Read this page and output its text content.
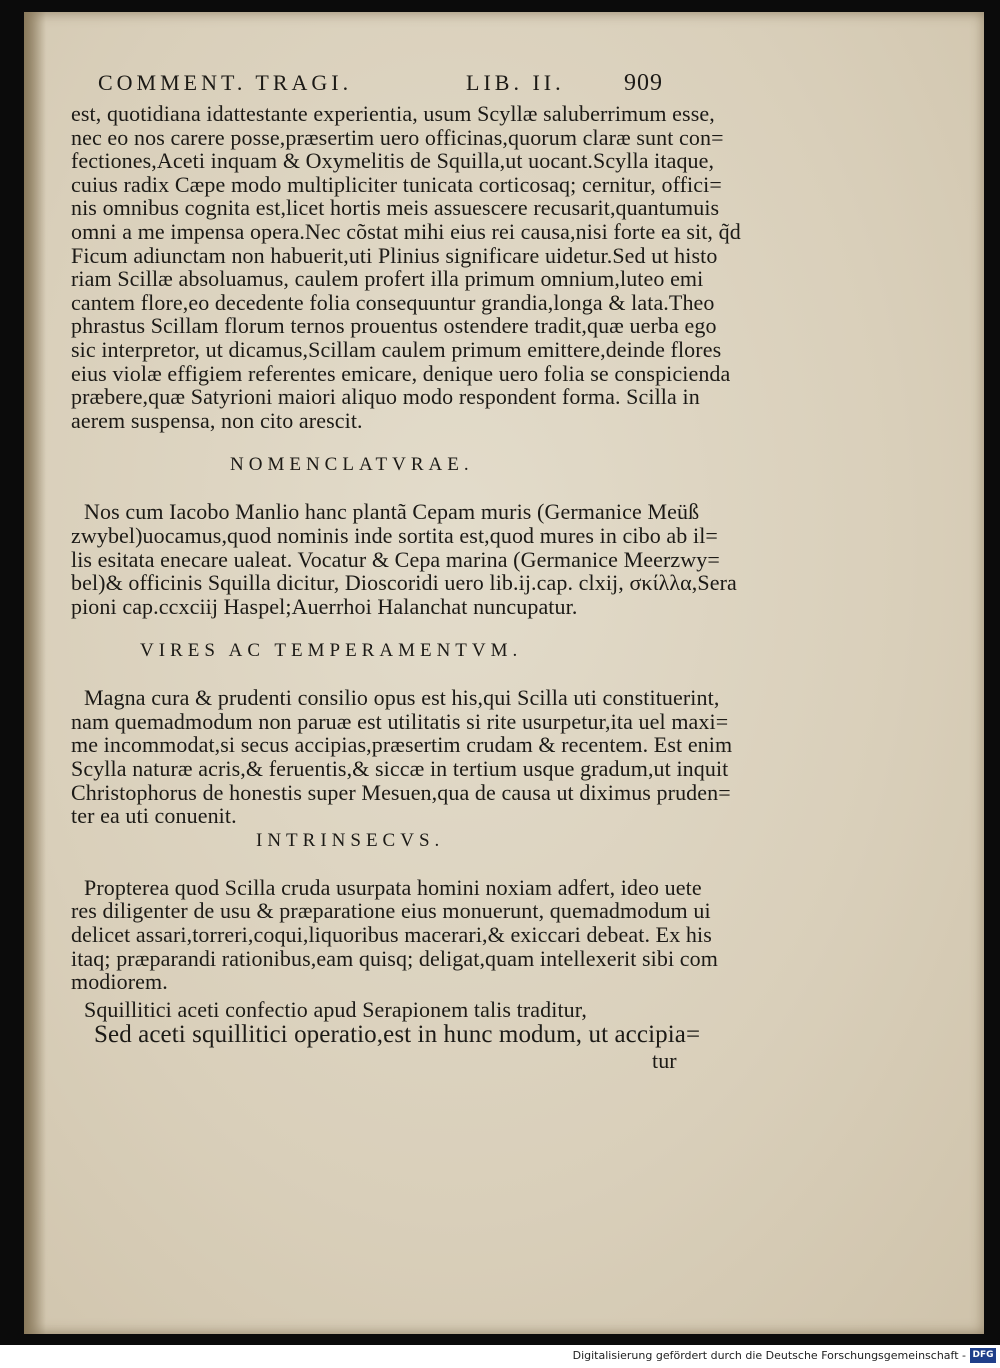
COMMENT. TRAGI.	LIB. II. 909
est, quotidiana idattestante experientia, usum Scyllæ saluberrimum esse,
nec eo nos carere posse,præsertim uero officinas,quorum claræ sunt con=
fectiones,Aceti inquam & Oxymelitis de Squilla,ut uocant.Scylla itaque,
cuius radix Cæpe modo multipliciter tunicata corticosaq; cernitur, offici=
nis omnibus cognita est,licet hortis meis assuescere recusarit,quantumuis
omni a me impensa opera.Nec cõstat mihi eius rei causa,nisi forte ea sit, q̃d
Ficum adiunctam non habuerit,uti Plinius significare uidetur.Sed ut histo
riam Scillæ absoluamus, caulem profert illa primum omnium,luteo emi
cantem flore,eo decedente folia consequuntur grandia,longa & lata.Theo
phrastus Scillam florum ternos prouentus ostendere tradit,quæ uerba ego
sic interpretor, ut dicamus,Scillam caulem primum emittere,deinde flores
eius violæ effigiem referentes emicare, denique uero folia se conspicienda
præbere,quæ Satyrioni maiori aliquo modo respondent forma. Scilla in
aerem suspensa, non cito arescit.
NOMENCLATVRAE.
Nos cum Iacobo Manlio hanc plantã Cepam muris (Germanice Meüß
zwybel)uocamus,quod nominis inde sortita est,quod mures in cibo ab il=
lis esitata enecare ualeat. Vocatur & Cepa marina (Germanice Meerzwy=
bel)& officinis Squilla dicitur, Dioscoridi uero lib.ij.cap. clxij, σκίλλα,Sera
pioni cap.ccxciij Haspel;Auerrhoi Halanchat nuncupatur.
VIRES AC TEMPERAMENTVM.
Magna cura & prudenti consilio opus est his,qui Scilla uti constituerint,
nam quemadmodum non paruæ est utilitatis si rite usurpetur,ita uel maxi=
me incommodat,si secus accipias,præsertim crudam & recentem. Est enim
Scylla naturæ acris,& feruentis,& siccæ in tertium usque gradum,ut inquit
Christophorus de honestis super Mesuen,qua de causa ut diximus pruden=
ter ea uti conuenit.
INTRINSECVS.
Propterea quod Scilla cruda usurpata homini noxiam adfert, ideo uete
res diligenter de usu & præparatione eius monuerunt, quemadmodum ui
delicet assari,torreri,coqui,liquoribus macerari,& exiccari debeat. Ex his
itaq; præparandi rationibus,eam quisq; deligat,quam intellexerit sibi com
modiorem.
Squillitici aceti confectio apud Serapionem talis traditur,
Sed aceti squillitici operatio,est in hunc modum, ut accipia=
tur
Digitalisierung gefördert durch die Deutsche Forschungsgemeinschaft - DFG
